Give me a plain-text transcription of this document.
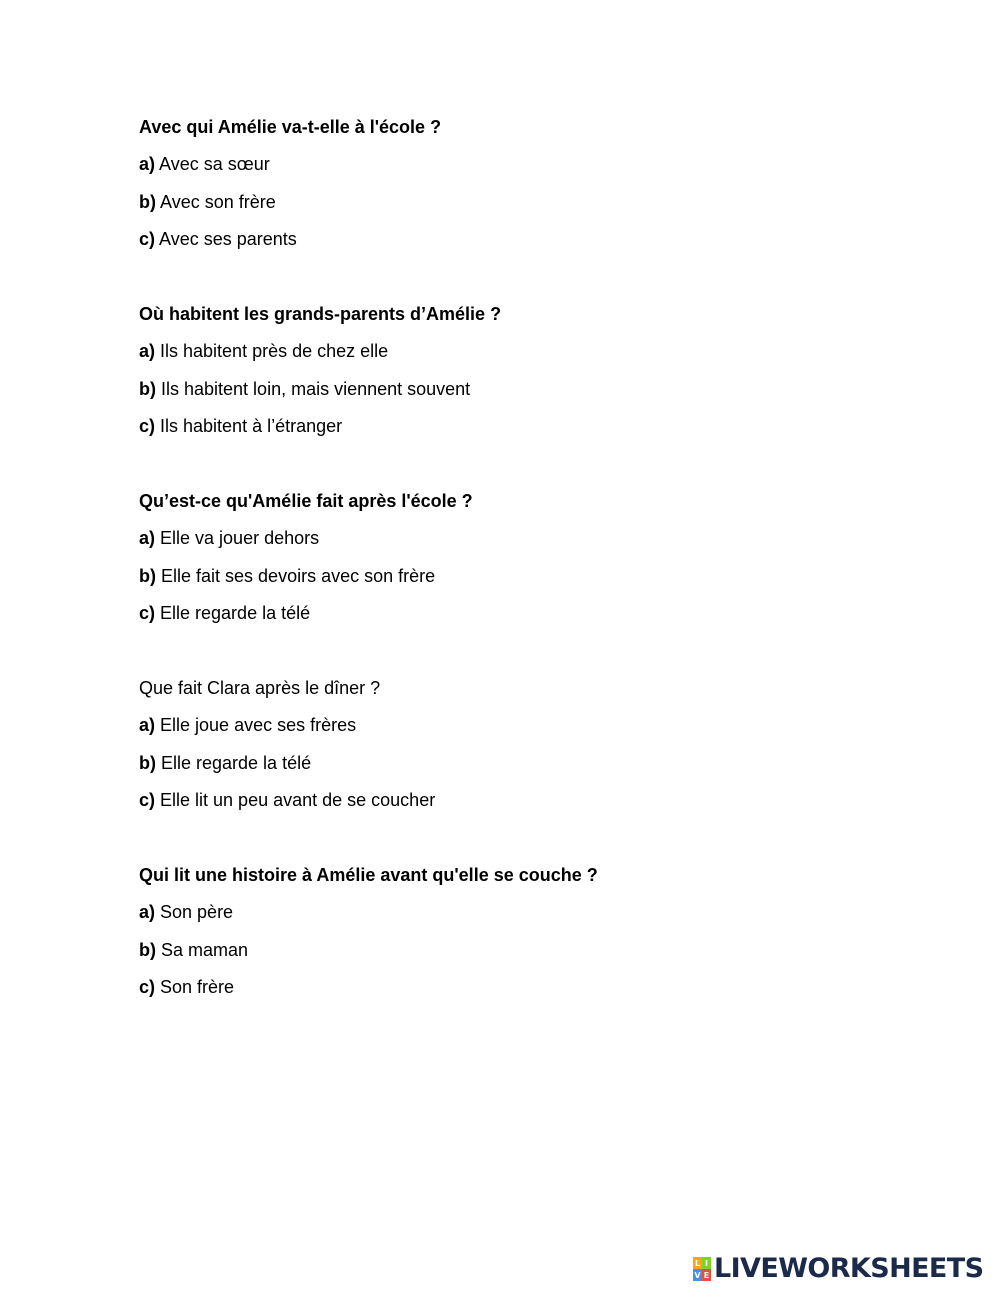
Avec qui Amélie va-t-elle à l'école ?
a) Avec sa sœur
b) Avec son frère
c) Avec ses parents
Où habitent les grands-parents d’Amélie ?
a) Ils habitent près de chez elle
b) Ils habitent loin, mais viennent souvent
c) Ils habitent à l’étranger
Qu’est-ce qu'Amélie fait après l'école ?
a) Elle va jouer dehors
b) Elle fait ses devoirs avec son frère
c) Elle regarde la télé
Que fait Clara après le dîner ?
a) Elle joue avec ses frères
b) Elle regarde la télé
c) Elle lit un peu avant de se coucher
Qui lit une histoire à Amélie avant qu'elle se couche ?
a) Son père
b) Sa maman
c) Son frère
L I
V E LIVEWORKSHEETS
